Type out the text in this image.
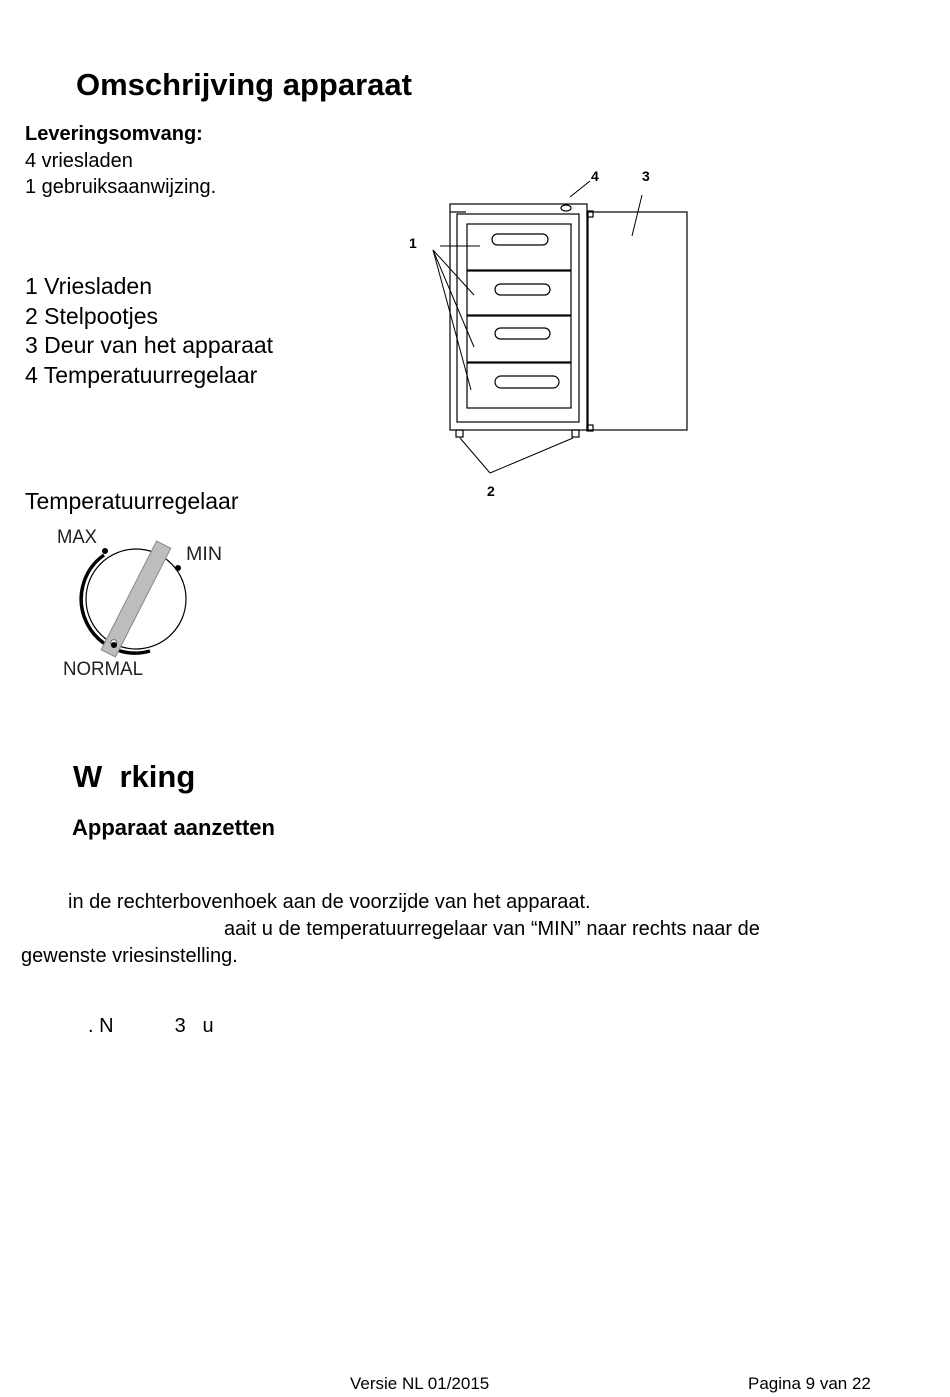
Omschrijving apparaat
Leveringsomvang:
4 vriesladen
1 gebruiksaanwijzing.
1 Vriesladen
2 Stelpootjes
3 Deur van het apparaat
4 Temperatuurregelaar
1
2
3
4
Temperatuurregelaar
MAX
MIN
NORMAL
W  rking
Apparaat aanzetten
in de rechterbovenhoek aan de voorzijde van het apparaat.
aait u de temperatuurregelaar van “MIN” naar rechts naar de
gewenste vriesinstelling.
. N           3   u
Versie NL 01/2015	Pagina 9 van 22
